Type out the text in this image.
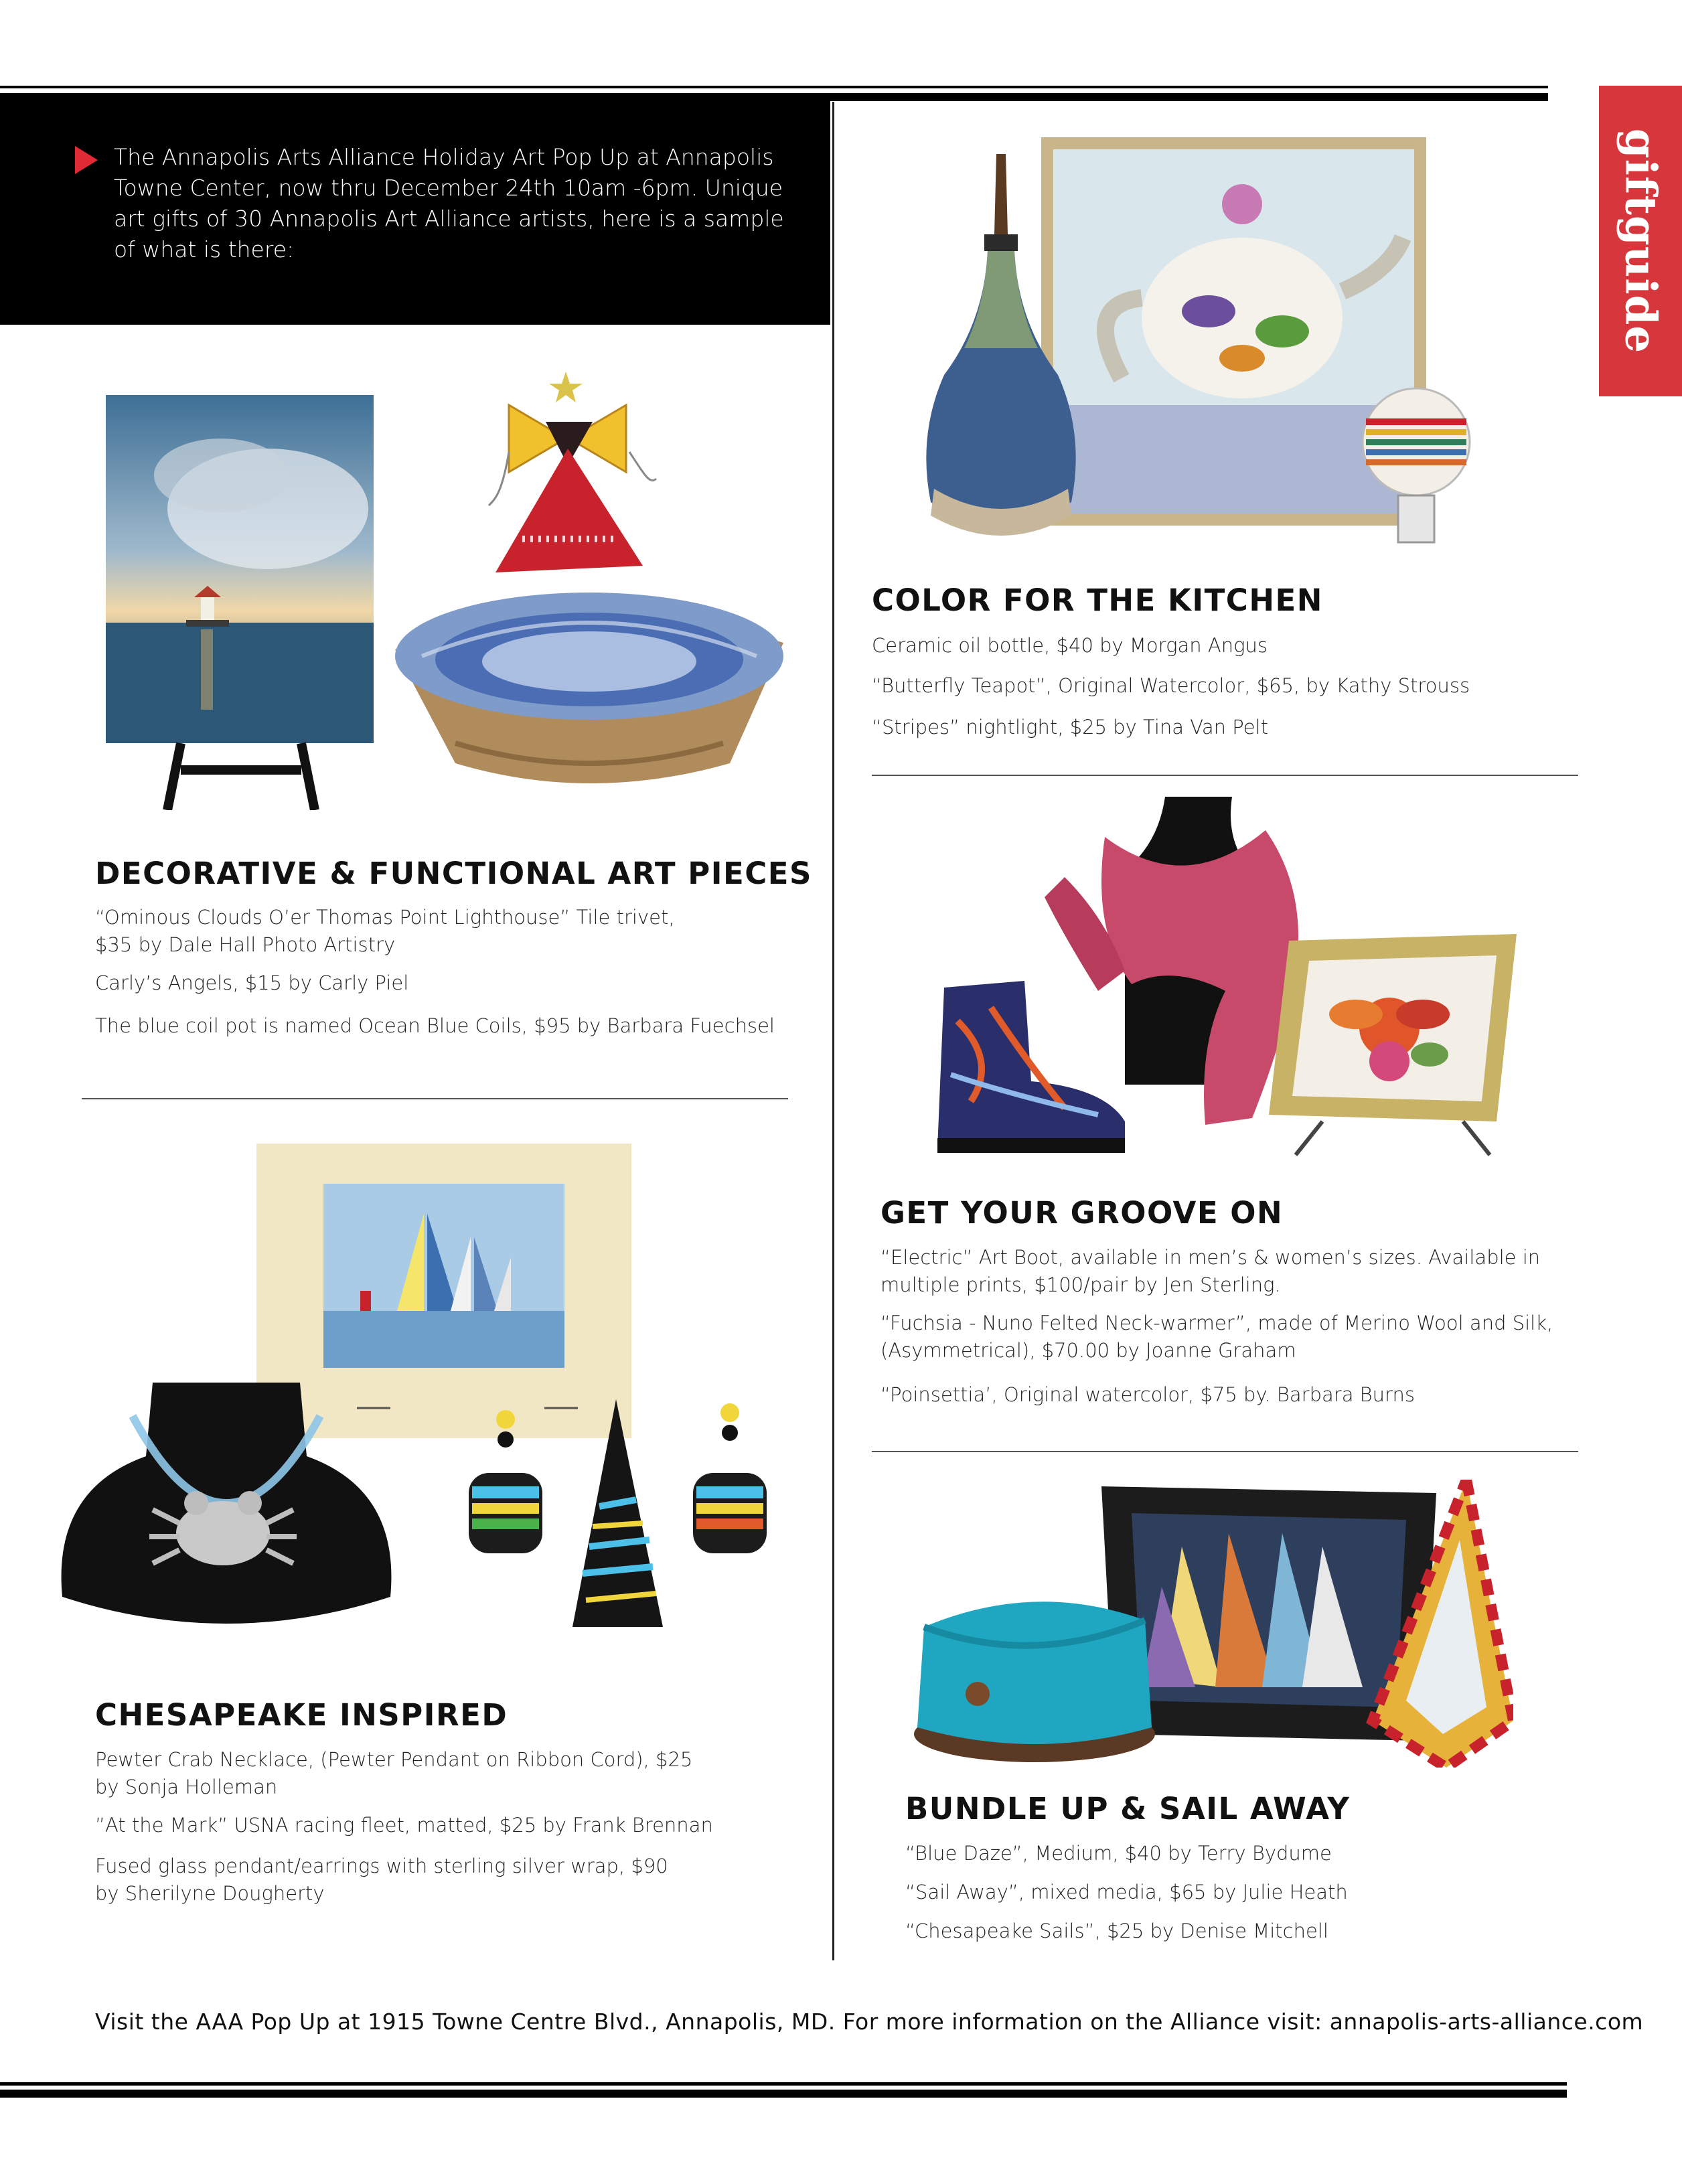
giftguide
The Annapolis Arts Alliance Holiday Art Pop Up at Annapolis Towne Center, now thru December 24th 10am -6pm. Unique art gifts of 30 Annapolis Art Alliance artists, here is a sample of what is there:
DECORATIVE & FUNCTIONAL ART PIECES
“Ominous Clouds O’er Thomas Point Lighthouse” Tile trivet, $35 by Dale Hall Photo Artistry
Carly’s Angels, $15 by Carly Piel
The blue coil pot is named Ocean Blue Coils, $95 by Barbara Fuechsel
CHESAPEAKE INSPIRED
Pewter Crab Necklace, (Pewter Pendant on Ribbon Cord), $25 by Sonja Holleman
”At the Mark” USNA racing fleet, matted, $25 by Frank Brennan
Fused glass pendant/earrings with sterling silver wrap, $90 by Sherilyne Dougherty
COLOR FOR THE KITCHEN
Ceramic oil bottle, $40 by Morgan Angus
“Butterfly Teapot”, Original Watercolor, $65, by Kathy Strouss
“Stripes” nightlight, $25 by Tina Van Pelt
GET YOUR GROOVE ON
“Electric” Art Boot, available in men’s & women’s sizes. Available in multiple prints, $100/pair by Jen Sterling.
“Fuchsia - Nuno Felted Neck-warmer”, made of Merino Wool and Silk, (Asymmetrical), $70.00 by Joanne Graham
“Poinsettia’, Original watercolor, $75 by. Barbara Burns
BUNDLE UP & SAIL AWAY
“Blue Daze”, Medium, $40 by Terry Bydume
“Sail Away”, mixed media, $65 by Julie Heath
“Chesapeake Sails”, $25 by Denise Mitchell
Visit the AAA Pop Up at 1915 Towne Centre Blvd., Annapolis, MD. For more information on the Alliance visit: annapolis-arts-alliance.com
